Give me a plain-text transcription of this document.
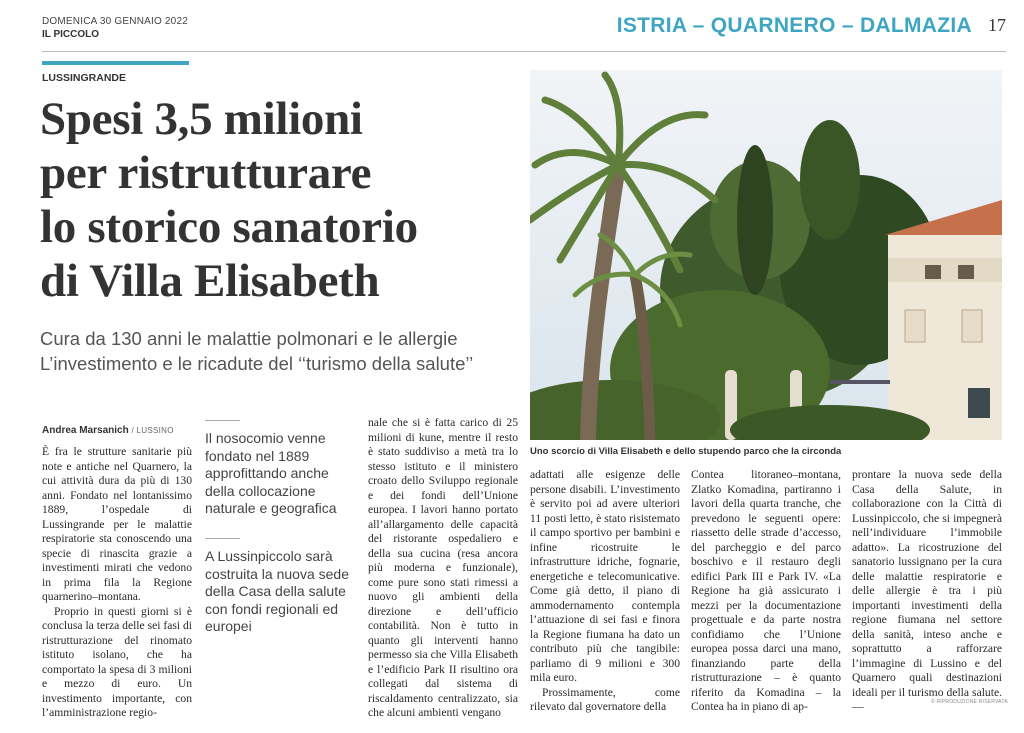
DOMENICA 30 GENNAIO 2022
IL PICCOLO	ISTRIA – QUARNERO – DALMAZIA 17
LUSSINGRANDE
Spesi 3,5 milioni
per ristrutturare
lo storico sanatorio
di Villa Elisabeth
Cura da 130 anni le malattie polmonari e le allergie
L’investimento e le ricadute del ‘‘turismo della salute’’
Uno scorcio di Villa Elisabeth e dello stupendo parco che la circonda
Andrea Marsanich / LUSSINO Il nosocomio venne fondato nel 1889 approfittando anche della collocazione naturale e geografica
A Lussinpiccolo sarà costruita la nuova sede della Casa della salute con fondi regionali ed europei

È fra le strutture sanitarie più note e antiche nel Quarnero, la cui attività dura da più di 130 anni. Fondato nel lontanissimo 1889, l’ospedale di Lussingrande per le malattie respiratorie sta conoscendo una specie di rinascita grazie a investimenti mirati che vedono in prima fila la Regione quarnerino–montana.

Proprio in questi giorni si è conclusa la terza delle sei fasi di ristrutturazione del rinomato istituto isolano, che ha comportato la spesa di 3 milioni e mezzo di euro. Un investimento importante, con l’amministrazione regio-

nale che si è fatta carico di 25 milioni di kune, mentre il resto è stato suddiviso a metà tra lo stesso istituto e il ministero croato dello Sviluppo regionale e dei fondi dell’Unione europea. I lavori hanno portato all’allargamento delle capacità del ristorante ospedaliero e della sua cucina (resa ancora più moderna e funzionale), come pure sono stati rimessi a nuovo gli ambienti della direzione e dell’ufficio contabilità. Non è tutto in quanto gli interventi hanno permesso sia che Villa Elisabeth e l’edificio Park II risultino ora collegati dal sistema di riscaldamento centralizzato, sia che alcuni ambienti vengano

adattati alle esigenze delle persone disabili. L’investimento è servito poi ad avere ulteriori 11 posti letto, è stato risistemato il campo sportivo per bambini e infine ricostruite le infrastrutture idriche, fognarie, energetiche e telecomunicative. Come già detto, il piano di ammodernamento contempla l’attuazione di sei fasi e finora la Regione fiumana ha dato un contributo più che tangibile: parliamo di 9 milioni e 300 mila euro.

Prossimamente, come rilevato dal governatore della

Contea litoraneo–montana, Zlatko Komadina, partiranno i lavori della quarta tranche, che prevedono le seguenti opere: riassetto delle strade d’accesso, del parcheggio e del parco boschivo e il restauro degli edifici Park III e Park IV. «La Regione ha già assicurato i mezzi per la documentazione progettuale e da parte nostra confidiamo che l’Unione europea possa darci una mano, finanziando parte della ristrutturazione – è quanto riferito da Komadina – la Contea ha in piano di ap-

prontare la nuova sede della Casa della Salute, in collaborazione con la Città di Lussinpiccolo, che si impegnerà nell’individuare l’immobile adatto». La ricostruzione del sanatorio lussignano per la cura delle malattie respiratorie e delle allergie è tra i più importanti investimenti della regione fiumana nel settore della sanità, inteso anche e soprattutto a rafforzare l’immagine di Lussino e del Quarnero quali destinazioni ideali per il turismo della salute. —	© RIPRODUZIONE RISERVATA
